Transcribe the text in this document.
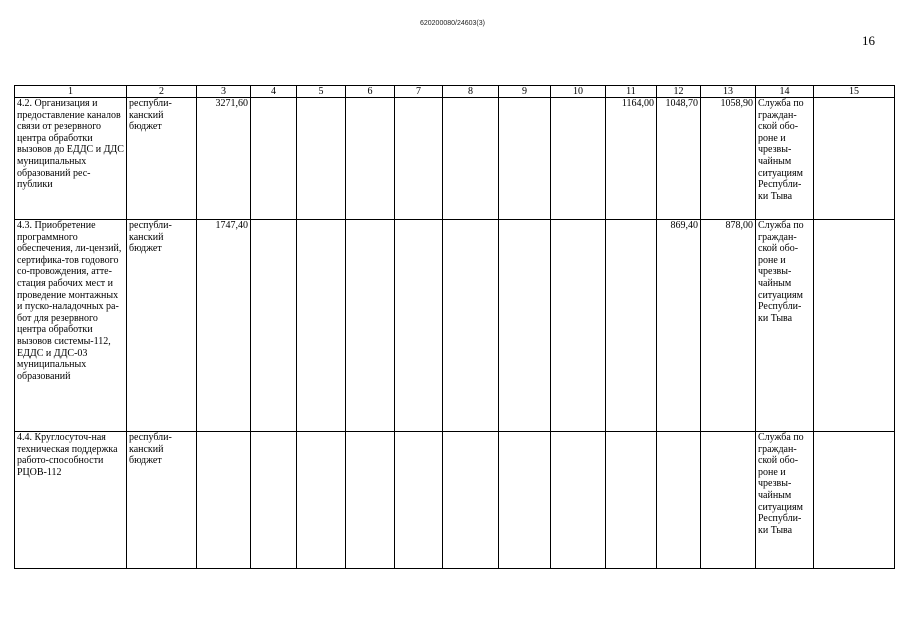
620200080/24603(3)
16
1	2	3	4	5	6	7	8	9	10	11	12	13	14	15
4.2. Организация и предоставление каналов связи от резервного центра обработки вызовов до ЕДДС и ДДС муниципальных образований рес-публики	республи-канский бюджет	3271,60								1164,00	1048,70	1058,90	Служба по граждан-ской обо-роне и чрезвы-чайным ситуациям Республи-ки Тыва	
4.3. Приобретение программного обеспечения, ли-цензий, сертифика-тов годового со-провождения, атте-стация рабочих мест и проведение монтажных и пуско-наладочных ра-бот для резервного центра обработки вызовов системы-112, ЕДДС и ДДС-03 муниципальных образований	республи-канский бюджет	1747,40									869,40	878,00	Служба по граждан-ской обо-роне и чрезвы-чайным ситуациям Республи-ки Тыва	
4.4. Круглосуточ-ная техническая поддержка работо-способности РЦОВ-112	республи-канский бюджет												Служба по граждан-ской обо-роне и чрезвы-чайным ситуациям Республи-ки Тыва	
